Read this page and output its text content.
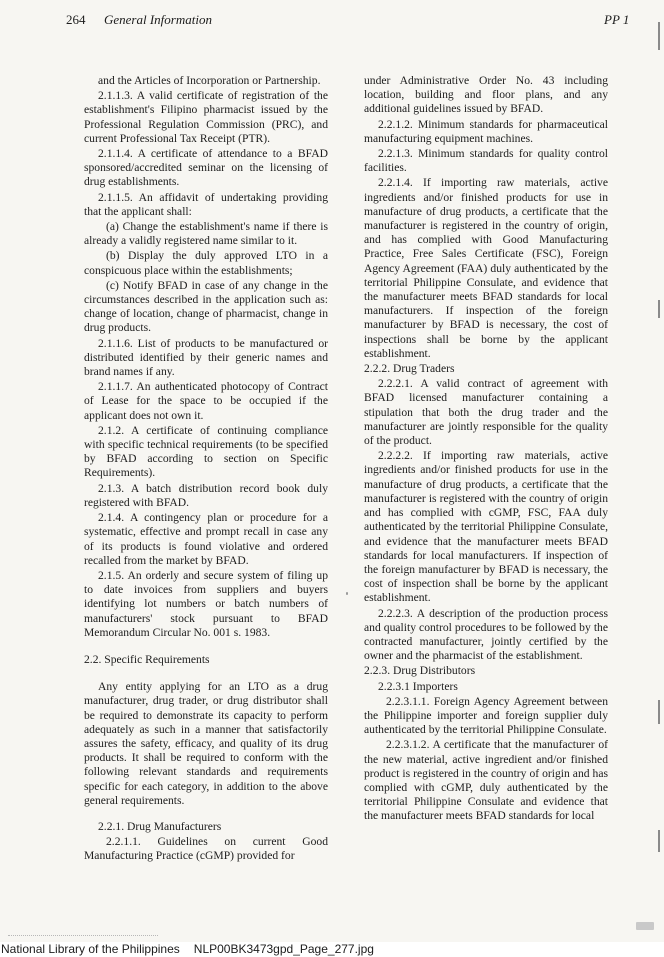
264 General Information	PP 1

and the Articles of Incorporation or Partnership.

2.1.1.3. A valid certificate of registration of the establishment's Filipino pharmacist issued by the Professional Regulation Commission (PRC), and current Professional Tax Receipt (PTR).

2.1.1.4. A certificate of attendance to a BFAD sponsored/accredited seminar on the licensing of drug establishments.

2.1.1.5. An affidavit of undertaking providing that the applicant shall:

(a) Change the establishment's name if there is already a validly registered name similar to it.

(b) Display the duly approved LTO in a conspicuous place within the establishments;

(c) Notify BFAD in case of any change in the circumstances described in the application such as: change of location, change of pharmacist, change in drug products.

2.1.1.6. List of products to be manufactured or distributed identified by their generic names and brand names if any.

2.1.1.7. An authenticated photocopy of Contract of Lease for the space to be occupied if the applicant does not own it.

2.1.2. A certificate of continuing compliance with specific technical requirements (to be specified by BFAD according to section on Specific Requirements).

2.1.3. A batch distribution record book duly registered with BFAD.

2.1.4. A contingency plan or procedure for a systematic, effective and prompt recall in case any of its products is found violative and ordered recalled from the market by BFAD.

2.1.5. An orderly and secure system of filing up to date invoices from suppliers and buyers identifying lot numbers or batch numbers of manufacturers' stock pursuant to BFAD Memorandum Circular No. 001 s. 1983.

2.2. Specific Requirements

Any entity applying for an LTO as a drug manufacturer, drug trader, or drug distributor shall be required to demonstrate its capacity to perform adequately as such in a manner that satisfactorily assures the safety, efficacy, and quality of its drug products. It shall be required to conform with the following relevant standards and requirements specific for each category, in addition to the above general requirements.

2.2.1. Drug Manufacturers

2.2.1.1. Guidelines on current Good Manufacturing Practice (cGMP) provided for

under Administrative Order No. 43 including location, building and floor plans, and any additional guidelines issued by BFAD.

2.2.1.2. Minimum standards for pharmaceutical manufacturing equipment machines.

2.2.1.3. Minimum standards for quality control facilities.

2.2.1.4. If importing raw materials, active ingredients and/or finished products for use in manufacture of drug products, a certificate that the manufacturer is registered in the country of origin, and has complied with Good Manufacturing Practice, Free Sales Certificate (FSC), Foreign Agency Agreement (FAA) duly authenticated by the territorial Philippine Consulate, and evidence that the manufacturer meets BFAD standards for local manufacturers. If inspection of the foreign manufacturer by BFAD is necessary, the cost of inspections shall be borne by the applicant establishment.

2.2.2. Drug Traders

2.2.2.1. A valid contract of agreement with BFAD licensed manufacturer containing a stipulation that both the drug trader and the manufacturer are jointly responsible for the quality of the product.

2.2.2.2. If importing raw materials, active ingredients and/or finished products for use in the manufacture of drug products, a certificate that the manufacturer is registered with the country of origin and has complied with cGMP, FSC, FAA duly authenticated by the territorial Philippine Consulate, and evidence that the manufacturer meets BFAD standards for local manufacturers. If inspection of the foreign manufacturer by BFAD is necessary, the cost of inspection shall be borne by the applicant establishment.

2.2.2.3. A description of the production process and quality control procedures to be followed by the contracted manufacturer, jointly certified by the owner and the pharmacist of the establishment.

2.2.3. Drug Distributors

2.2.3.1 Importers

2.2.3.1.1. Foreign Agency Agreement between the Philippine importer and foreign supplier duly authenticated by the territorial Philippine Consulate.

2.2.3.1.2. A certificate that the manufacturer of the new material, active ingredient and/or finished product is registered in the country of origin and has complied with cGMP, duly authenticated by the territorial Philippine Consulate and evidence that the manufacturer meets BFAD standards for local

National Library of the Philippines NLP00BK3473gpd_Page_277.jpg
